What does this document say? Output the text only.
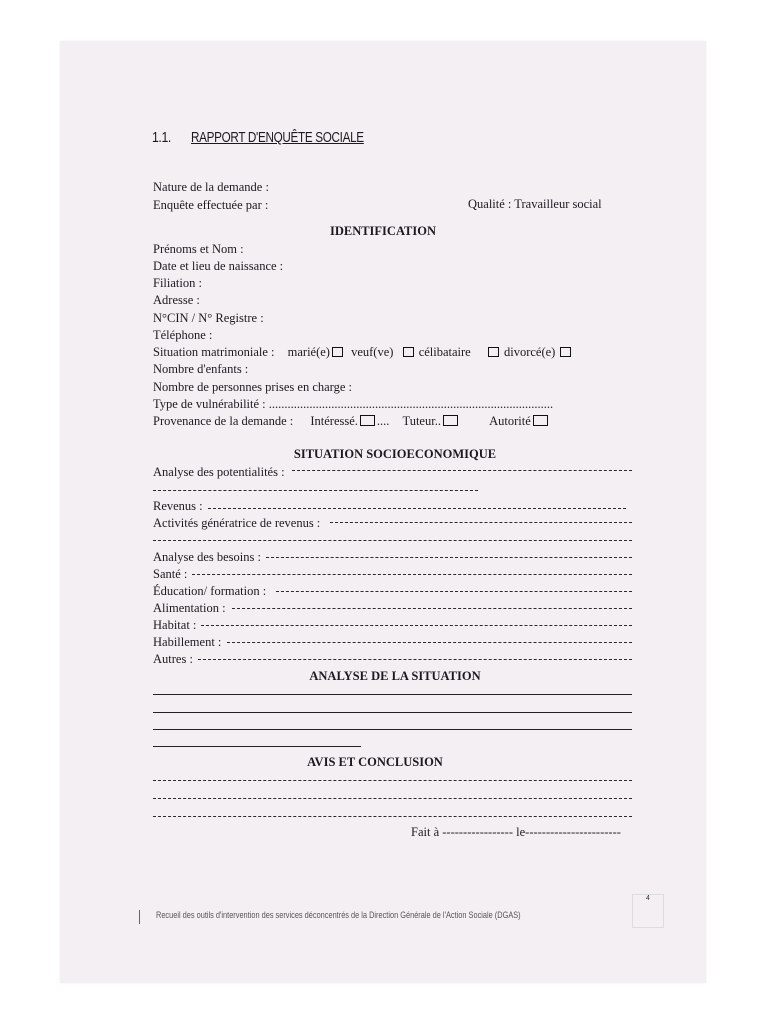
1.1. RAPPORT D'ENQUÊTE SOCIALE
Nature de la demande :
Enquête effectuée par :	Qualité : Travailleur social
IDENTIFICATION
Prénoms et Nom :
Date et lieu de naissance :
Filiation :
Adresse :
N°CIN / N° Registre :
Téléphone :
Situation matrimoniale : marié(e) veuf(ve) célibataire	divorcé(e)
Nombre d'enfants :
Nombre de personnes prises en charge :
Type de vulnérabilité : ...........................................................................................
Provenance de la demande : Intéressé. .... Tuteur..	Autorité
SITUATION SOCIOECONOMIQUE
Analyse des potentialités :
Revenus :
Activités génératrice de revenus :
Analyse des besoins :
Santé :
Éducation/ formation :
Alimentation :
Habitat :
Habillement :
Autres :
ANALYSE DE LA SITUATION
AVIS ET CONCLUSION
Fait à ----------------- le-----------------------
Recueil des outils d'intervention des services déconcentrés de la Direction Générale de l'Action Sociale (DGAS)
4
